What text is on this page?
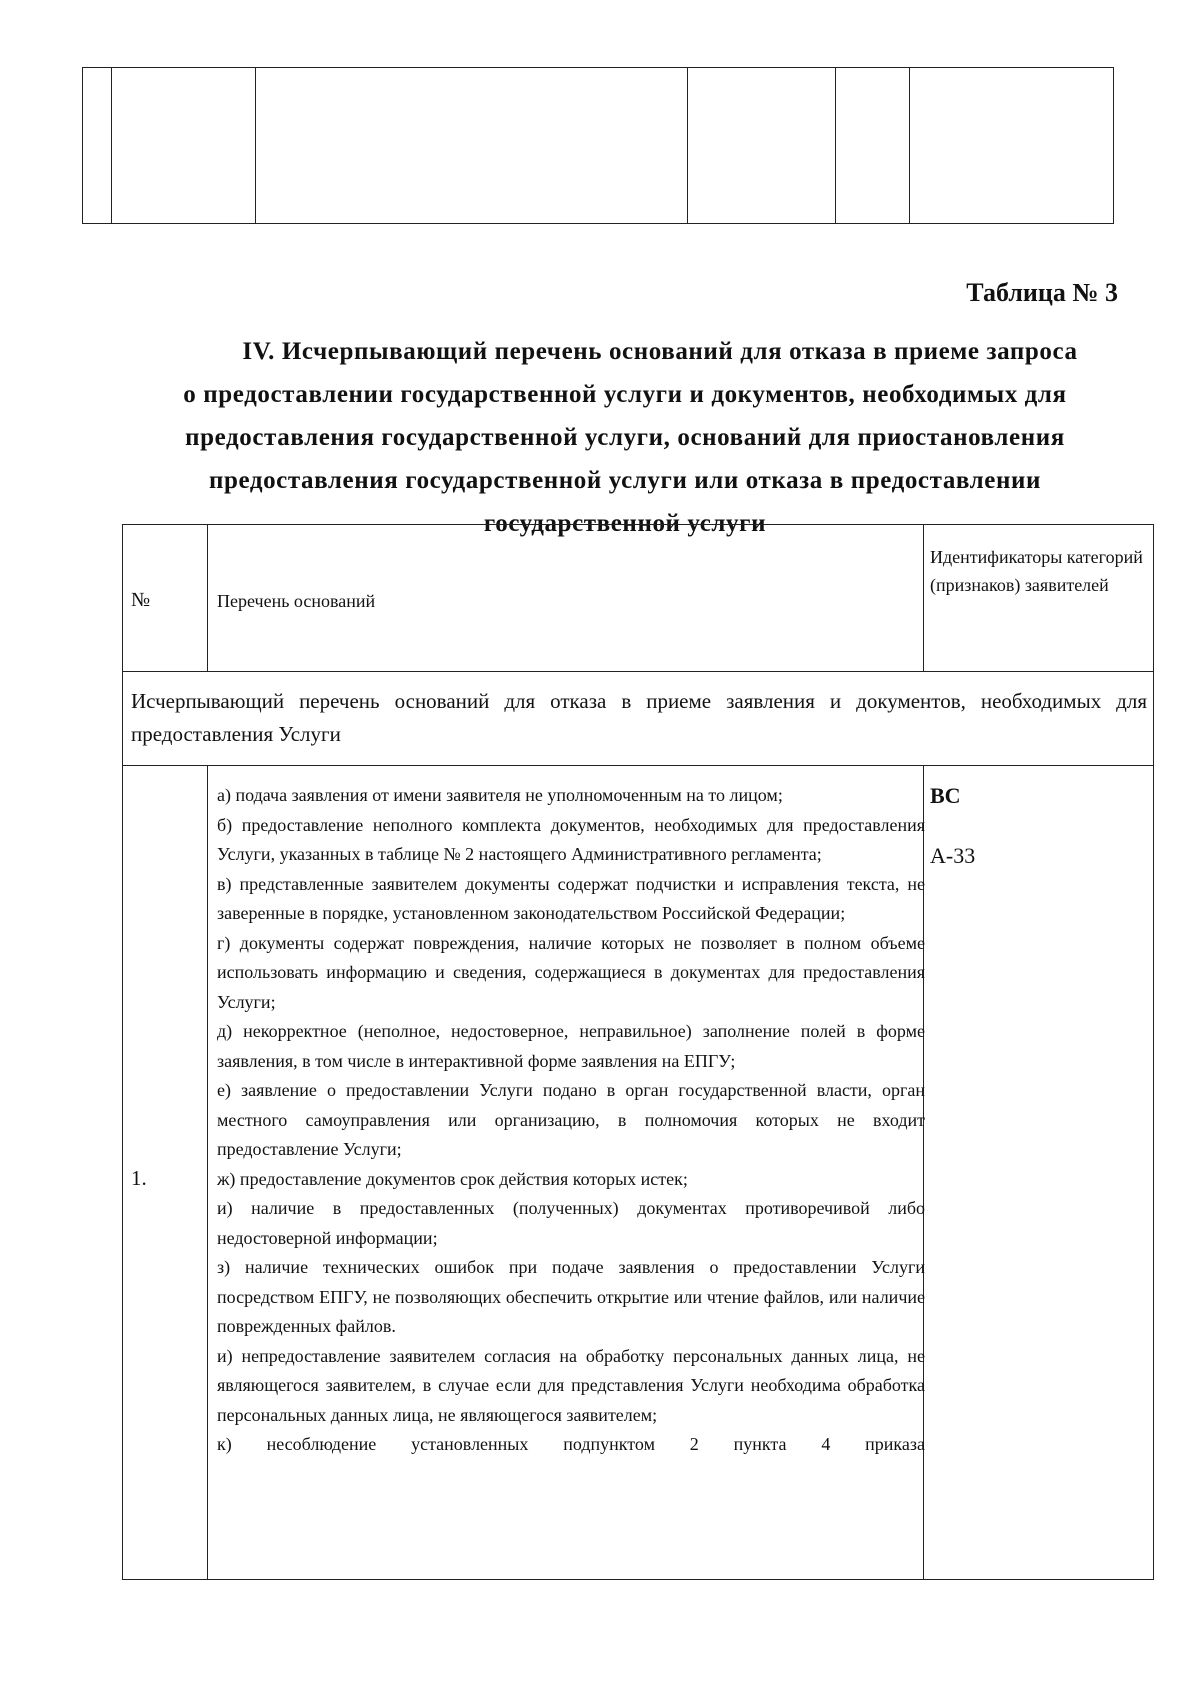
Таблица № 3
IV. Исчерпывающий перечень оснований для отказа в приеме запроса
о предоставлении государственной услуги и документов, необходимых для
предоставления государственной услуги, оснований для приостановления
предоставления государственной услуги или отказа в предоставлении
государственной услуги
№	Перечень оснований
Идентификаторы категорий (признаков) заявителей
Исчерпывающий перечень оснований для отказа в приеме заявления и документов, необходимых для предоставления Услуги
1.

а) подача заявления от имени заявителя не уполномоченным на то лицом;

б) предоставление неполного комплекта документов, необходимых для предоставления Услуги, указанных в таблице № 2 настоящего Административного регламента;

в) представленные заявителем документы содержат подчистки и исправления текста, не заверенные в порядке, установленном законодательством Российской Федерации;

г) документы содержат повреждения, наличие которых не позволяет в полном объеме использовать информацию и сведения, содержащиеся в документах для предоставления Услуги;

д) некорректное (неполное, недостоверное, неправильное) заполнение полей в форме заявления, в том числе в интерактивной форме заявления на ЕПГУ;

е) заявление о предоставлении Услуги подано в орган государственной власти, орган местного самоуправления или организацию, в полномочия которых не входит предоставление Услуги;

ж) предоставление документов срок действия которых истек;

и) наличие в предоставленных (полученных) документах противоречивой либо недостоверной информации;

з) наличие технических ошибок при подаче заявления о предоставлении Услуги посредством ЕПГУ, не позволяющих обеспечить открытие или чтение файлов, или наличие поврежденных файлов.

и) непредоставление заявителем согласия на обработку персональных данных лица, не являющегося заявителем, в случае если для представления Услуги необходима обработка персональных данных лица, не являющегося заявителем;

к) несоблюдение установленных подпунктом 2 пункта 4 приказа

ВС
А-33
